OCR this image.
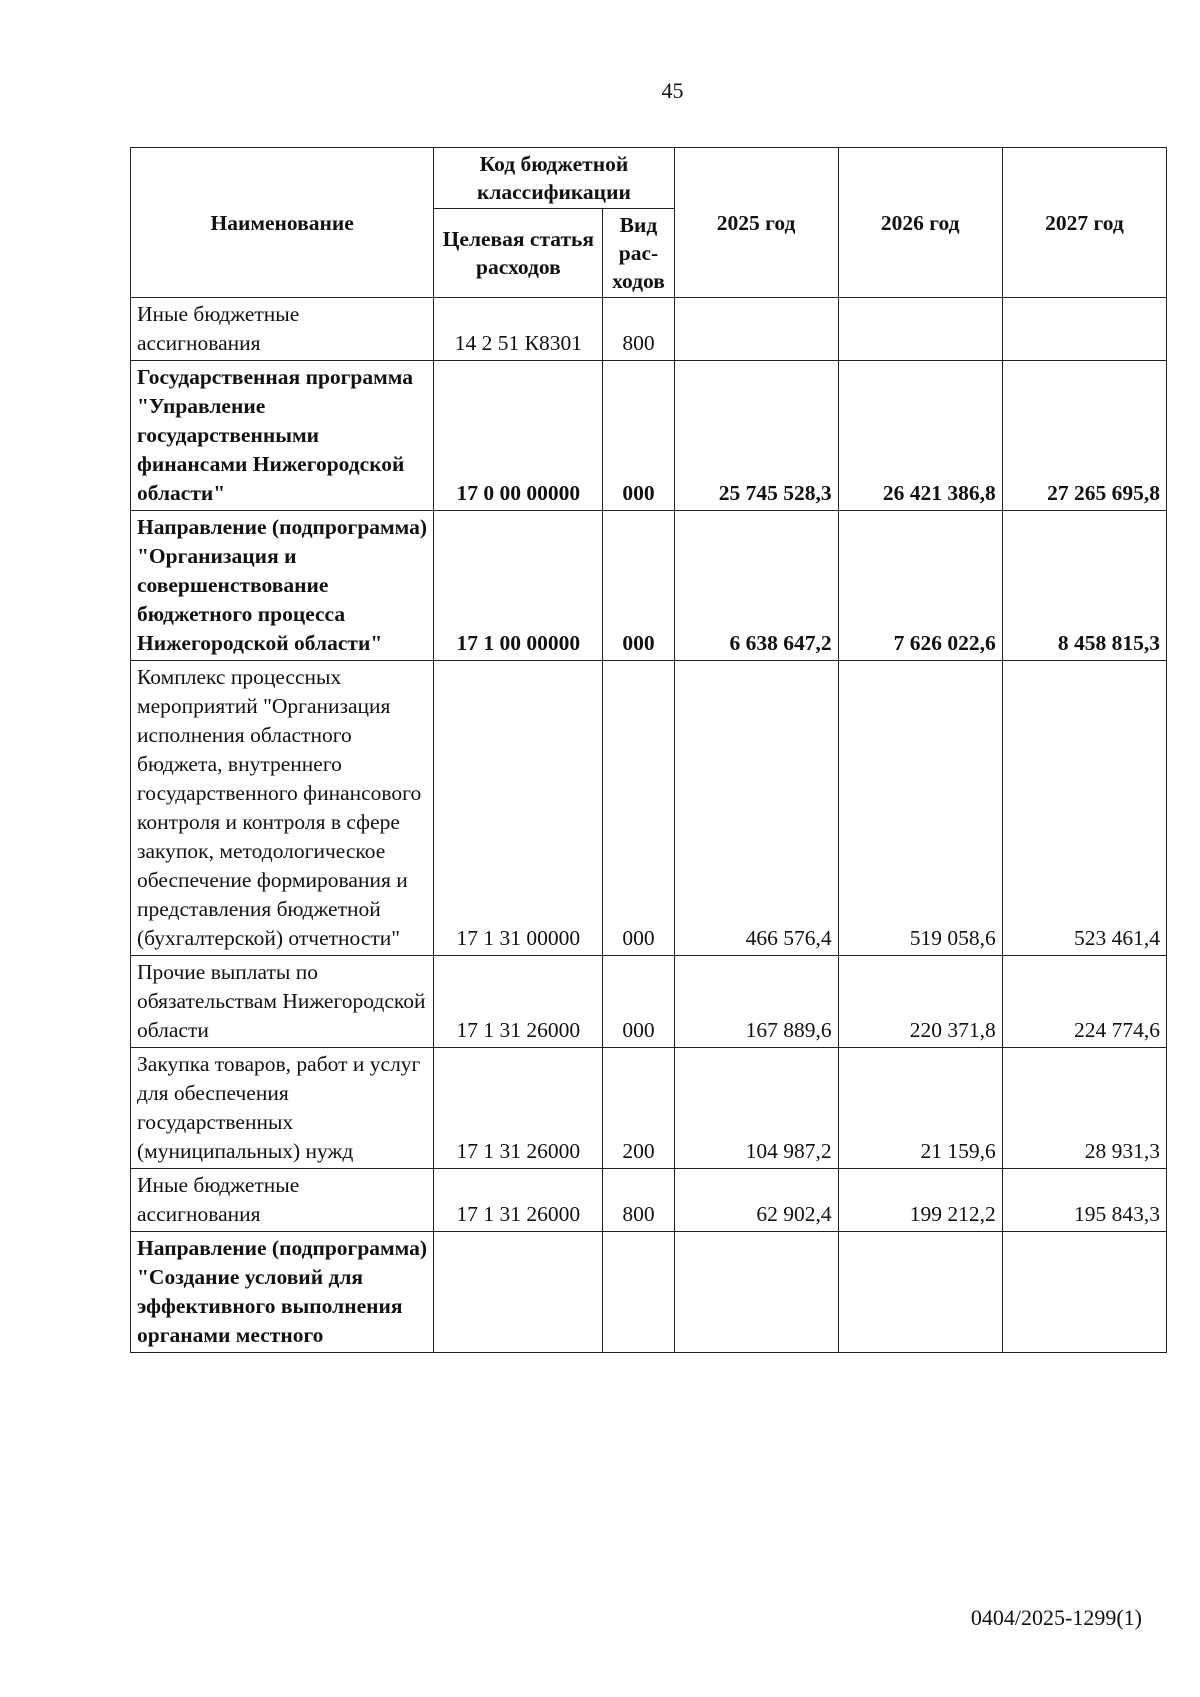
45
Наименование	Код бюджетной классификации		2025 год	2026 год	2027 год
	Целевая статья расходов	Вид рас-ходов			
Иные бюджетные ассигнования	14 2 51 К8301	800			
Государственная программа "Управление государственными финансами Нижегородской области"	17 0 00 00000	000	25 745 528,3	26 421 386,8	27 265 695,8
Направление (подпрограмма) "Организация и совершенствование бюджетного процесса Нижегородской области"	17 1 00 00000	000	6 638 647,2	7 626 022,6	8 458 815,3
Комплекс процессных мероприятий "Организация исполнения областного бюджета, внутреннего государственного финансового контроля и контроля в сфере закупок, методологическое обеспечение формирования и представления бюджетной (бухгалтерской) отчетности"	17 1 31 00000	000	466 576,4	519 058,6	523 461,4
Прочие выплаты по обязательствам Нижегородской области	17 1 31 26000	000	167 889,6	220 371,8	224 774,6
Закупка товаров, работ и услуг для обеспечения государственных (муниципальных) нужд	17 1 31 26000	200	104 987,2	21 159,6	28 931,3
Иные бюджетные ассигнования	17 1 31 26000	800	62 902,4	199 212,2	195 843,3
Направление (подпрограмма) "Создание условий для эффективного выполнения органами местного					
0404/2025-1299(1)
